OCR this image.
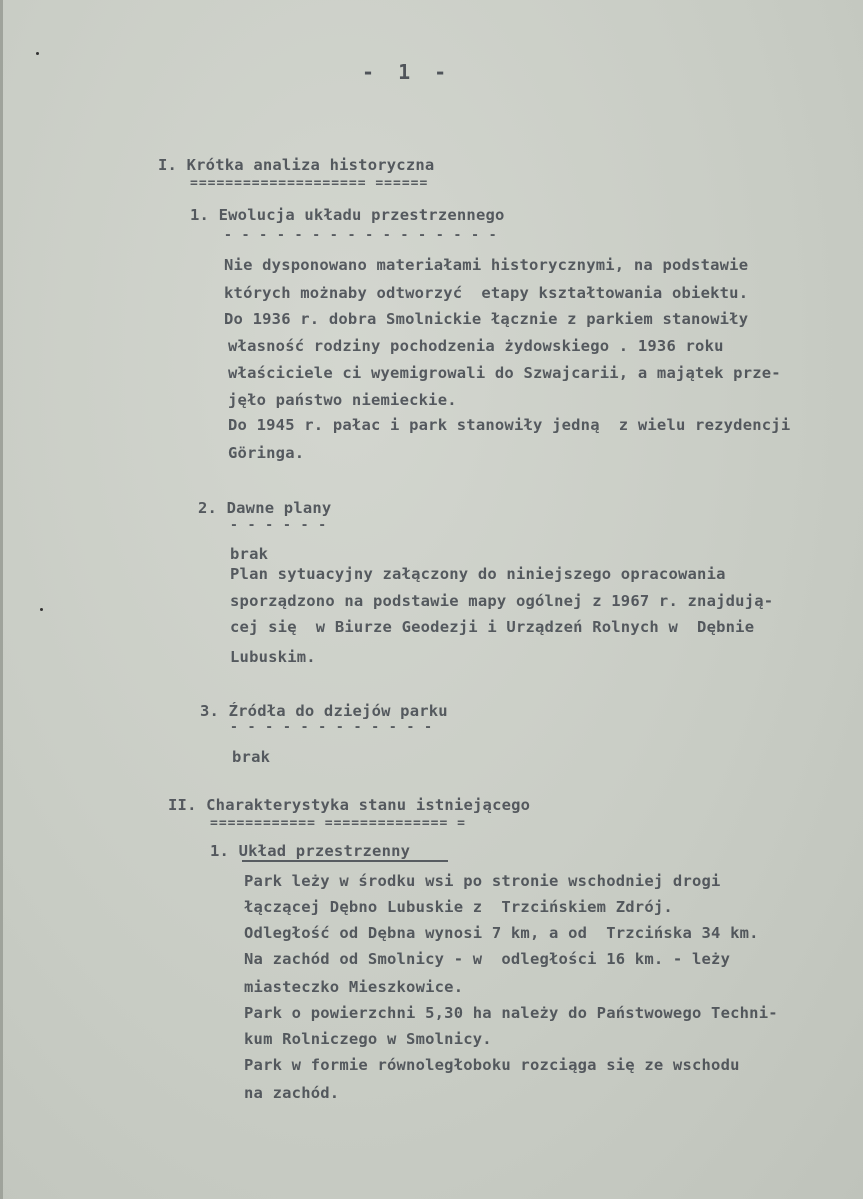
- 1 -
I. Krótka analiza historyczna
==================== ======
1. Ewolucja układu przestrzennego
- - - - - - - - - - - - - - - -
Nie dysponowano materiałami historycznymi, na podstawie
których możnaby odtworzyć  etapy kształtowania obiektu.
Do 1936 r. dobra Smolnickie łącznie z parkiem stanowiły
własność rodziny pochodzenia żydowskiego . 1936 roku
właściciele ci wyemigrowali do Szwajcarii, a majątek prze-
jęło państwo niemieckie.
Do 1945 r. pałac i park stanowiły jedną  z wielu rezydencji
Göringa.
2. Dawne plany
- - - - - -
brak
Plan sytuacyjny załączony do niniejszego opracowania
sporządzono na podstawie mapy ogólnej z 1967 r. znajdują-
cej się  w Biurze Geodezji i Urządzeń Rolnych w  Dębnie
Lubuskim.
3. Źródła do dziejów parku
- - - - - - - - - - - -
brak
II. Charakterystyka stanu istniejącego
============ ============== =
1. Układ przestrzenny
Park leży w środku wsi po stronie wschodniej drogi
łączącej Dębno Lubuskie z  Trzcińskiem Zdrój.
Odległość od Dębna wynosi 7 km, a od  Trzcińska 34 km.
Na zachód od Smolnicy - w  odległości 16 km. - leży
miasteczko Mieszkowice.
Park o powierzchni 5,30 ha należy do Państwowego Techni-
kum Rolniczego w Smolnicy.
Park w formie równoległoboku rozciąga się ze wschodu
na zachód.
